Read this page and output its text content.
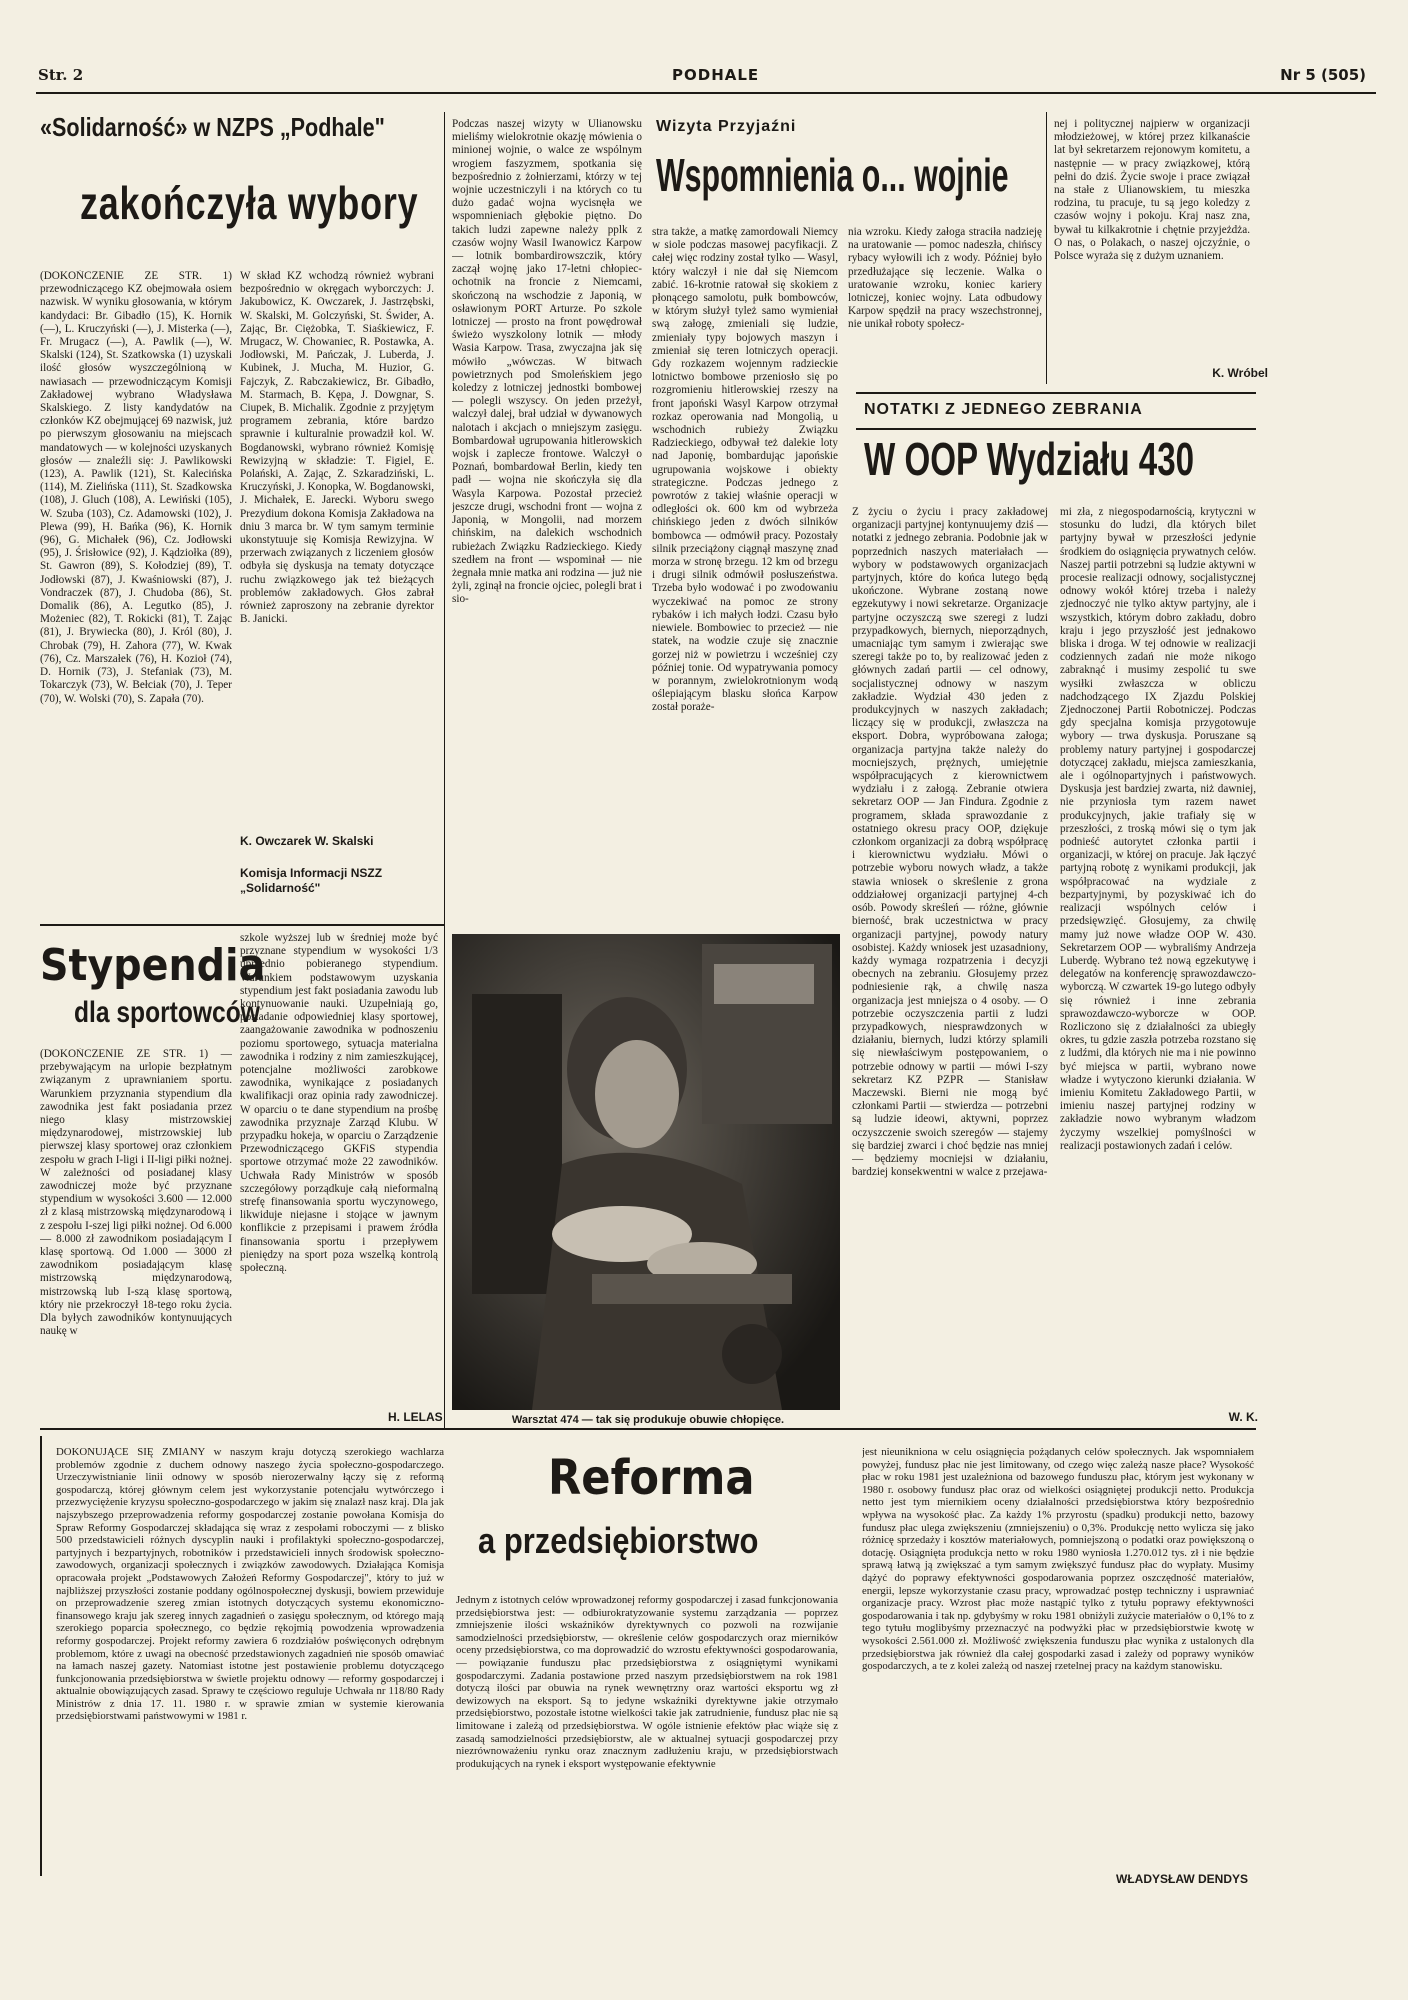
Str. 2	PODHALE	Nr 5 (505)
«Solidarność» w NZPS „Podhale"
zakończyła wybory

(DOKOŃCZENIE ZE STR. 1) przewodniczącego KZ obejmowała osiem nazwisk. W wyniku głosowania, w którym kandydaci: Br. Gibadło (15), K. Hornik (—), L. Kruczyński (—), J. Misterka (—), Fr. Mrugacz (—), A. Pawlik (—), W. Skalski (124), St. Szatkowska (1) uzyskali ilość głosów wyszczególnioną w nawiasach — przewodniczącym Komisji Zakładowej wybrano Władysława Skalskiego. Z listy kandydatów na członków KZ obejmującej 69 nazwisk, już po pierwszym głosowaniu na miejscach mandatowych — w kolejności uzyskanych głosów — znaleźli się: J. Pawlikowski (123), A. Pawlik (121), St. Kalecińska (114), M. Zielińska (111), St. Szadkowska (108), J. Gluch (108), A. Lewiński (105), W. Szuba (103), Cz. Adamowski (102), J. Plewa (99), H. Bańka (96), K. Hornik (96), G. Michałek (96), Cz. Jodłowski (95), J. Śrisłowice (92), J. Kądziołka (89), St. Gawron (89), S. Kołodziej (89), T. Jodłowski (87), J. Kwaśniowski (87), J. Vondraczek (87), J. Chudoba (86), St. Domalik (86), A. Legutko (85), J. Możeniec (82), T. Rokicki (81), T. Zając (81), J. Brywiecka (80), J. Król (80), J. Chrobak (79), H. Zahora (77), W. Kwak (76), Cz. Marszałek (76), H. Kozioł (74), D. Hornik (73), J. Stefaniak (73), M. Tokarczyk (73), W. Bełciak (70), J. Teper (70), W. Wolski (70), S. Zapała (70).

W skład KZ wchodzą również wybrani bezpośrednio w okręgach wyborczych: J. Jakubowicz, K. Owczarek, J. Jastrzębski, W. Skalski, M. Golczyński, St. Świder, A. Zając, Br. Ciężobka, T. Siaśkiewicz, F. Mrugacz, W. Chowaniec, R. Postawka, A. Jodłowski, M. Pańczak, J. Luberda, J. Kubinek, J. Mucha, M. Huzior, G. Fajczyk, Z. Rabczakiewicz, Br. Gibadło, M. Starmach, B. Kępa, J. Dowgnar, S. Ciupek, B. Michalik. Zgodnie z przyjętym programem zebrania, które bardzo sprawnie i kulturalnie prowadził kol. W. Bogdanowski, wybrano również Komisję Rewizyjną w składzie: T. Figiel, E. Polański, A. Zając, Z. Szkaradziński, L. Kruczyński, J. Konopka, W. Bogdanowski, J. Michałek, E. Jarecki. Wyboru swego Prezydium dokona Komisja Zakładowa na dniu 3 marca br. W tym samym terminie ukonstytuuje się Komisja Rewizyjna. W przerwach związanych z liczeniem głosów odbyła się dyskusja na tematy dotyczące ruchu związkowego jak też bieżących problemów zakładowych. Głos zabrał również zaproszony na zebranie dyrektor B. Janicki.

K. Owczarek W. Skalski
Komisja Informacji NSZZ „Solidarność"

Podczas naszej wizyty w Ulianowsku mieliśmy wielokrotnie okazję mówienia o minionej wojnie, o walce ze wspólnym wrogiem faszyzmem, spotkania się bezpośrednio z żołnierzami, którzy w tej wojnie uczestniczyli i na których co tu dużo gadać wojna wycisnęła we wspomnieniach głębokie piętno. Do takich ludzi zapewne należy pplk z czasów wojny Wasil Iwanowicz Karpow — lotnik bombardirowszczik, który zaczął wojnę jako 17-letni chłopiec-ochotnik na froncie z Niemcami, skończoną na wschodzie z Japonią, w osławionym PORT Arturze. Po szkole lotniczej — prosto na front powędrował świeżo wyszkolony lotnik — młody Wasia Karpow. Trasa, zwyczajna jak się mówiło „wówczas. W bitwach powietrznych pod Smoleńskiem jego koledzy z lotniczej jednostki bombowej — polegli wszyscy. On jeden przeżył, walczył dalej, brał udział w dywanowych nalotach i akcjach o mniejszym zasięgu. Bombardował ugrupowania hitlerowskich wojsk i zaplecze frontowe. Walczył o Poznań, bombardował Berlin, kiedy ten padł — wojna nie skończyła się dla Wasyla Karpowa. Pozostał przecież jeszcze drugi, wschodni front — wojna z Japonią, w Mongolii, nad morzem chińskim, na dalekich wschodnich rubieżach Związku Radzieckiego. Kiedy szedłem na front — wspominał — nie żegnała mnie matka ani rodzina — już nie żyli, zginął na froncie ojciec, polegli brat i sio-

Wizyta Przyjaźni
Wspomnienia o... wojnie

stra także, a matkę zamordowali Niemcy w siole podczas masowej pacyfikacji. Z całej więc rodziny został tylko — Wasyl, który walczył i nie dał się Niemcom zabić. 16-krotnie ratował się skokiem z płonącego samolotu, pułk bombowców, w którym służył tyleż samo wymieniał swą załogę, zmieniali się ludzie, zmieniały typy bojowych maszyn i zmieniał się teren lotniczych operacji. Gdy rozkazem wojennym radzieckie lotnictwo bombowe przeniosło się po rozgromieniu hitlerowskiej rzeszy na front japoński Wasyl Karpow otrzymał rozkaz operowania nad Mongolią, u wschodnich rubieży Związku Radzieckiego, odbywał też dalekie loty nad Japonię, bombardując japońskie ugrupowania wojskowe i obiekty strategiczne. Podczas jednego z powrotów z takiej właśnie operacji w odległości ok. 600 km od wybrzeża chińskiego jeden z dwóch silników bombowca — odmówił pracy. Pozostały silnik przeciążony ciągnął maszynę znad morza w stronę brzegu. 12 km od brzegu i drugi silnik odmówił posłuszeństwa. Trzeba było wodować i po zwodowaniu wyczekiwać na pomoc ze strony rybaków i ich małych łodzi. Czasu było niewiele. Bombowiec to przecież — nie statek, na wodzie czuje się znacznie gorzej niż w powietrzu i wcześniej czy później tonie. Od wypatrywania pomocy w porannym, zwielokrotnionym wodą oślepiającym blasku słońca Karpow został poraże-

nia wzroku. Kiedy załoga straciła nadzieję na uratowanie — pomoc nadeszła, chińscy rybacy wyłowili ich z wody. Później było przedłużające się leczenie. Walka o uratowanie wzroku, koniec kariery lotniczej, koniec wojny. Lata odbudowy Karpow spędził na pracy wszechstronnej, nie unikał roboty społecz-

nej i politycznej najpierw w organizacji młodzieżowej, w której przez kilkanaście lat był sekretarzem rejonowym komitetu, a następnie — w pracy związkowej, którą pełni do dziś. Życie swoje i prace związał na stałe z Ulianowskiem, tu mieszka rodzina, tu pracuje, tu są jego koledzy z czasów wojny i pokoju. Kraj nasz zna, bywał tu kilkakrotnie i chętnie przyjeżdża. O nas, o Polakach, o naszej ojczyźnie, o Polsce wyraża się z dużym uznaniem.

K. Wróbel
NOTATKI Z JEDNEGO ZEBRANIA
W OOP Wydziału 430

Z życiu o życiu i pracy zakładowej organizacji partyjnej kontynuujemy dziś — notatki z jednego zebrania. Podobnie jak w poprzednich naszych materiałach — wybory w podstawowych organizacjach partyjnych, które do końca lutego będą ukończone. Wybrane zostaną nowe egzekutywy i nowi sekretarze. Organizacje partyjne oczyszczą swe szeregi z ludzi przypadkowych, biernych, nieporządnych, umacniając tym samym i zwierając swe szeregi także po to, by realizować jeden z głównych zadań partii — cel odnowy, socjalistycznej odnowy w naszym zakładzie. Wydział 430 jeden z produkcyjnych w naszych zakładach; liczący się w produkcji, zwłaszcza na eksport. Dobra, wypróbowana załoga; organizacja partyjna także należy do mocniejszych, prężnych, umiejętnie współpracujących z kierownictwem wydziału i z załogą. Zebranie otwiera sekretarz OOP — Jan Findura. Zgodnie z programem, składa sprawozdanie z ostatniego okresu pracy OOP, dziękuje członkom organizacji za dobrą współpracę i kierownictwu wydziału. Mówi o potrzebie wyboru nowych władz, a także stawia wniosek o skreślenie z grona oddziałowej organizacji partyjnej 4-ch osób. Powody skreśleń — różne, głównie bierność, brak uczestnictwa w pracy organizacji partyjnej, powody natury osobistej. Każdy wniosek jest uzasadniony, każdy wymaga rozpatrzenia i decyzji obecnych na zebraniu. Głosujemy przez podniesienie rąk, a chwilę nasza organizacja jest mniejsza o 4 osoby. — O potrzebie oczyszczenia partii z ludzi przypadkowych, niesprawdzonych w działaniu, biernych, ludzi którzy splamili się niewłaściwym postępowaniem, o potrzebie odnowy w partii — mówi I-szy sekretarz KZ PZPR — Stanisław Maczewski. Bierni nie mogą być członkami Partii — stwierdza — potrzebni są ludzie ideowi, aktywni, poprzez oczyszczenie swoich szeregów — stajemy się bardziej zwarci i choć będzie nas mniej — będziemy mocniejsi w działaniu, bardziej konsekwentni w walce z przejawa-

mi zła, z niegospodarnością, krytyczni w stosunku do ludzi, dla których bilet partyjny bywał w przeszłości jedynie środkiem do osiągnięcia prywatnych celów. Naszej partii potrzebni są ludzie aktywni w procesie realizacji odnowy, socjalistycznej odnowy wokół której trzeba i należy zjednoczyć nie tylko aktyw partyjny, ale i wszystkich, którym dobro zakładu, dobro kraju i jego przyszłość jest jednakowo bliska i droga. W tej odnowie w realizacji codziennych zadań nie może nikogo zabraknąć i musimy zespolić tu swe wysiłki zwłaszcza w obliczu nadchodzącego IX Zjazdu Polskiej Zjednoczonej Partii Robotniczej. Podczas gdy specjalna komisja przygotowuje wybory — trwa dyskusja. Poruszane są problemy natury partyjnej i gospodarczej dotyczącej zakładu, miejsca zamieszkania, ale i ogólnopartyjnych i państwowych. Dyskusja jest bardziej zwarta, niż dawniej, nie przyniosła tym razem nawet produkcyjnych, jakie trafiały się w przeszłości, z troską mówi się o tym jak podnieść autorytet członka partii i organizacji, w której on pracuje. Jak łączyć partyjną robotę z wynikami produkcji, jak współpracować na wydziale z bezpartyjnymi, by pozyskiwać ich do realizacji wspólnych celów i przedsięwzięć. Głosujemy, za chwilę mamy już nowe władze OOP W. 430. Sekretarzem OOP — wybraliśmy Andrzeja Luberdę. Wybrano też nową egzekutywę i delegatów na konferencję sprawozdawczo-wyborczą. W czwartek 19-go lutego odbyły się również i inne zebrania sprawozdawczo-wyborcze w OOP. Rozliczono się z działalności za ubiegły okres, tu gdzie zaszła potrzeba rozstano się z ludźmi, dla których nie ma i nie powinno być miejsca w partii, wybrano nowe władze i wytyczono kierunki działania. W imieniu Komitetu Zakładowego Partii, w imieniu naszej partyjnej rodziny w zakładzie nowo wybranym władzom życzymy wszelkiej pomyślności w realizacji postawionych zadań i celów.

W. K.
Stypendia
dla sportowców

(DOKOŃCZENIE ZE STR. 1) — przebywającym na urlopie bezpłatnym związanym z uprawnianiem sportu. Warunkiem przyznania stypendium dla zawodnika jest fakt posiadania przez niego klasy mistrzowskiej międzynarodowej, mistrzowskiej lub pierwszej klasy sportowej oraz członkiem zespołu w grach I-ligi i II-ligi piłki nożnej. W zależności od posiadanej klasy zawodniczej może być przyznane stypendium w wysokości 3.600 — 12.000 zł z klasą mistrzowską międzynarodową i z zespołu I-szej ligi piłki nożnej. Od 6.000 — 8.000 zł zawodnikom posiadającym I klasę sportową. Od 1.000 — 3000 zł zawodnikom posiadającym klasę mistrzowską międzynarodową, mistrzowską lub I-szą klasę sportową, który nie przekroczył 18-tego roku życia. Dla byłych zawodników kontynuujących naukę w

szkole wyższej lub w średniej może być przyznane stypendium w wysokości 1/3 uprzednio pobieranego stypendium. Warunkiem podstawowym uzyskania stypendium jest fakt posiadania zawodu lub kontynuowanie nauki. Uzupełniają go, posiadanie odpowiedniej klasy sportowej, zaangażowanie zawodnika w podnoszeniu poziomu sportowego, sytuacja materialna zawodnika i rodziny z nim zamieszkującej, potencjalne możliwości zarobkowe zawodnika, wynikające z posiadanych kwalifikacji oraz opinia rady zawodniczej. W oparciu o te dane stypendium na prośbę zawodnika przyznaje Zarząd Klubu. W przypadku hokeja, w oparciu o Zarządzenie Przewodniczącego GKFiS stypendia sportowe otrzymać może 22 zawodników. Uchwała Rady Ministrów w sposób szczegółowy porządkuje całą nieformalną strefę finansowania sportu wyczynowego, likwiduje niejasne i stojące w jawnym konflikcie z przepisami i prawem źródła finansowania sportu i przepływem pieniędzy na sport poza wszelką kontrolą społeczną.

H. LELAS	Warsztat 474 — tak się produkuje obuwie chłopięce.

DOKONUJĄCE SIĘ ZMIANY w naszym kraju dotyczą szerokiego wachlarza problemów zgodnie z duchem odnowy naszego życia społeczno-gospodarczego. Urzeczywistnianie linii odnowy w sposób nierozerwalny łączy się z reformą gospodarczą, której głównym celem jest wykorzystanie potencjału wytwórczego i przezwyciężenie kryzysu społeczno-gospodarczego w jakim się znalazł nasz kraj. Dla jak najszybszego przeprowadzenia reformy gospodarczej zostanie powołana Komisja do Spraw Reformy Gospodarczej składająca się wraz z zespołami roboczymi — z blisko 500 przedstawicieli różnych dyscyplin nauki i profilaktyki społeczno-gospodarczej, partyjnych i bezpartyjnych, robotników i przedstawicieli innych środowisk społeczno-zawodowych, organizacji społecznych i związków zawodowych. Działająca Komisja opracowała projekt „Podstawowych Założeń Reformy Gospodarczej", który to już w najbliższej przyszłości zostanie poddany ogólnospołecznej dyskusji, bowiem przewiduje on przeprowadzenie szereg zmian istotnych dotyczących systemu ekonomiczno-finansowego kraju jak szereg innych zagadnień o zasięgu społecznym, od którego mają szerokiego poparcia społecznego, co będzie rękojmią powodzenia wprowadzenia reformy gospodarczej. Projekt reformy zawiera 6 rozdziałów poświęconych odrębnym problemom, które z uwagi na obecność przedstawionych zagadnień nie sposób omawiać na łamach naszej gazety. Natomiast istotne jest postawienie problemu dotyczącego funkcjonowania przedsiębiorstwa w świetle projektu odnowy — reformy gospodarczej i aktualnie obowiązujących zasad. Sprawy te częściowo reguluje Uchwała nr 118/80 Rady Ministrów z dnia 17. 11. 1980 r. w sprawie zmian w systemie kierowania przedsiębiorstwami państwowymi w 1981 r.

Reforma
a przedsiębiorstwo

Jednym z istotnych celów wprowadzonej reformy gospodarczej i zasad funkcjonowania przedsiębiorstwa jest: — odbiurokratyzowanie systemu zarządzania — poprzez zmniejszenie ilości wskaźników dyrektywnych co pozwoli na rozwijanie samodzielności przedsiębiorstw, — określenie celów gospodarczych oraz mierników oceny przedsiębiorstwa, co ma doprowadzić do wzrostu efektywności gospodarowania, — powiązanie funduszu płac przedsiębiorstwa z osiągniętymi wynikami gospodarczymi. Zadania postawione przed naszym przedsiębiorstwem na rok 1981 dotyczą ilości par obuwia na rynek wewnętrzny oraz wartości eksportu wg zł dewizowych na eksport. Są to jedyne wskaźniki dyrektywne jakie otrzymało przedsiębiorstwo, pozostałe istotne wielkości takie jak zatrudnienie, fundusz płac nie są limitowane i zależą od przedsiębiorstwa. W ogóle istnienie efektów płac wiąże się z zasadą samodzielności przedsiębiorstw, ale w aktualnej sytuacji gospodarczej przy niezrównoważeniu rynku oraz znacznym zadłużeniu kraju, w przedsiębiorstwach produkujących na rynek i eksport występowanie efektywnie

jest nieunikniona w celu osiągnięcia pożądanych celów społecznych. Jak wspomniałem powyżej, fundusz płac nie jest limitowany, od czego więc zależą nasze płace? Wysokość płac w roku 1981 jest uzależniona od bazowego funduszu płac, którym jest wykonany w 1980 r. osobowy fundusz płac oraz od wielkości osiągniętej produkcji netto. Produkcja netto jest tym miernikiem oceny działalności przedsiębiorstwa który bezpośrednio wpływa na wysokość płac. Za każdy 1% przyrostu (spadku) produkcji netto, bazowy fundusz płac ulega zwiększeniu (zmniejszeniu) o 0,3%. Produkcję netto wylicza się jako różnicę sprzedaży i kosztów materiałowych, pomniejszoną o podatki oraz powiększoną o dotację. Osiągnięta produkcja netto w roku 1980 wyniosła 1.270.012 tys. zł i nie będzie sprawą łatwą ją zwiększać a tym samym zwiększyć fundusz płac do wypłaty. Musimy dążyć do poprawy efektywności gospodarowania poprzez oszczędność materiałów, energii, lepsze wykorzystanie czasu pracy, wprowadzać postęp techniczny i usprawniać organizacje pracy. Wzrost płac może nastąpić tylko z tytułu poprawy efektywności gospodarowania i tak np. gdybyśmy w roku 1981 obniżyli zużycie materiałów o 0,1% to z tego tytułu moglibyśmy przeznaczyć na podwyżki płac w przedsiębiorstwie kwotę w wysokości 2.561.000 zł. Możliwość zwiększenia funduszu płac wynika z ustalonych dla przedsiębiorstwa jak również dla całej gospodarki zasad i zależy od poprawy wyników gospodarczych, a te z kolei zależą od naszej rzetelnej pracy na każdym stanowisku.

WŁADYSŁAW DENDYS
